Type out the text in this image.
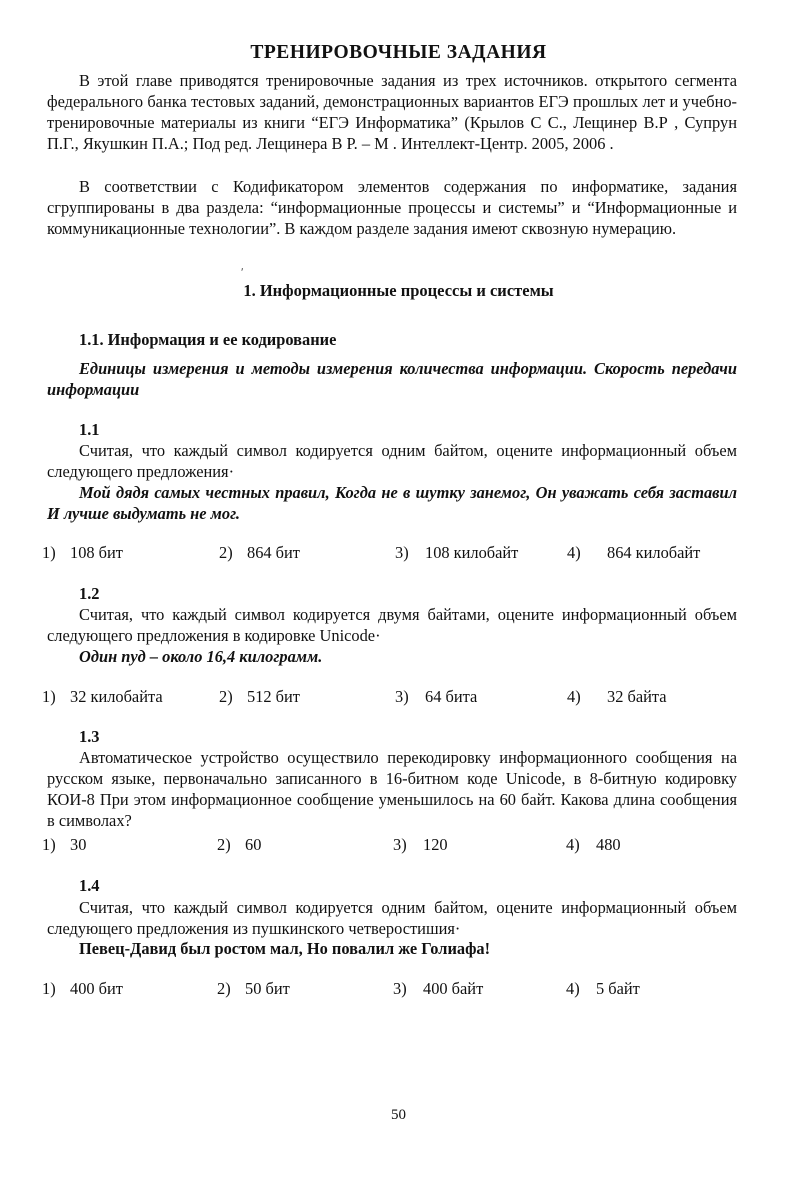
ТРЕНИРОВОЧНЫЕ ЗАДАНИЯ
В этой главе приводятся тренировочные задания из трех источников. открытого сегмента федерального банка тестовых заданий, демонстрационных вариантов ЕГЭ прошлых лет и учебно-тренировочные материалы из книги “ЕГЭ Информатика” (Крылов С С., Лещинер В.Р , Супрун П.Г., Якушкин П.А.; Под ред. Лещинера В Р. – М . Интеллект-Центр. 2005, 2006 .
В соответствии с Кодификатором элементов содержания по информатике, задания сгруппированы в два раздела: “информационные процессы и системы” и “Информационные и коммуникационные технологии”. В каждом разделе задания имеют сквозную нумерацию.
ʹ
1. Информационные процессы и системы
1.1. Информация и ее кодирование
Единицы измерения и методы измерения количества информации. Скорость передачи информации
1.1
Считая, что каждый символ кодируется одним байтом, оцените информационный объем следующего предложения·
Мой дядя самых честных правил, Когда не в шутку занемог, Он уважать себя заставил И лучше выдумать не мог.
1) 108 бит	2) 864 бит	3) 108 килобайт	4) 864 килобайт
1.2
Считая, что каждый символ кодируется двумя байтами, оцените информационный объем следующего предложения в кодировке Unicode·
Один пуд – около 16,4 килограмм.
1) 32 килобайта	2) 512 бит	3) 64 бита	4) 32 байта
1.3
Автоматическое устройство осуществило перекодировку информационного сообщения на русском языке, первоначально записанного в 16-битном коде Unicode, в 8-битную кодировку КОИ-8 При этом информационное сообщение уменьшилось на 60 байт. Какова длина сообщения в символах?
1) 30	2) 60	3) 120	4) 480
1.4
Считая, что каждый символ кодируется одним байтом, оцените информационный объем следующего предложения из пушкинского четверостишия·
Певец-Давид был ростом мал, Но повалил же Голиафа!
1) 400 бит	2) 50 бит	3) 400 байт	4) 5 байт
50
